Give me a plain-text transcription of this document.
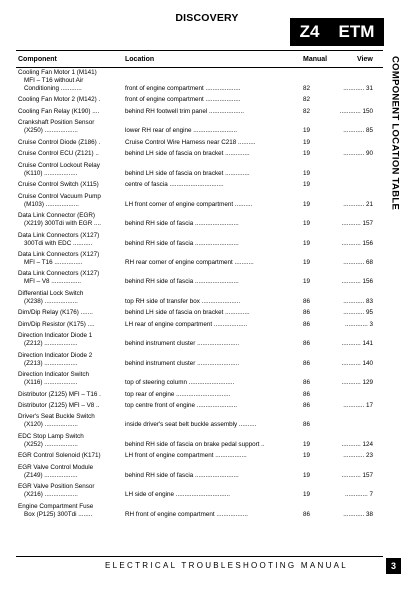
DISCOVERY
Z4 ETM
COMPONENT LOCATION TABLE
Component	Location	Manual	View
Cooling Fan Motor 1 (M141)
MFI – T16 without Air
Conditioning ............	front of engine compartment ....................	82	............ 31
Cooling Fan Motor 2 (M142) .	front of engine compartment ....................	82
Cooling Fan Relay (K190) ....	behind RH footwell trim panel ....................	82	............ 150
Crankshaft Position Sensor
(X250) ...................	lower RH rear of engine .........................	19	............ 85
Cruise Control Diode (Z186) .	Cruise Control Wire Harness near C218 ..........	19
Cruise Control ECU (Z121) ..	behind LH side of fascia on bracket ..............	19	............ 90
Cruise Control Lockout Relay
(K110) ...................	behind LH side of fascia on bracket ..............	19
Cruise Control Switch (X115)	centre of fascia ...............................	19
Cruise Control Vacuum Pump
(M103) ...................	LH front corner of engine compartment ..........	19	............ 21
Data Link Connector (EGR)
(X219) 300Tdi with EGR ....	behind RH side of fascia .........................	19	........... 157
Data Link Connectors (X127)
300Tdi with EDC ...........	behind RH side of fascia .........................	19	........... 156
Data Link Connectors (X127)
MFI – T16 ................	RH rear corner of engine compartment ...........	19	............ 68
Data Link Connectors (X127)
MFI – V8 .................	behind RH side of fascia .........................	19	........... 156
Differential Lock Switch
(X238) ...................	top RH side of transfer box ......................	86	............ 83
Dim/Dip Relay (K176) .......	behind LH side of fascia on bracket ..............	86	............ 95
Dim/Dip Resistor (K175) ....	LH rear of engine compartment ...................	86	............. 3
Direction Indicator Diode 1
(Z212) ...................	behind instrument cluster ........................	86	........... 141
Direction Indicator Diode 2
(Z213) ...................	behind instrument cluster ........................	86	........... 140
Direction Indicator Switch
(X116) ...................	top of steering column ..........................	86	........... 129
Distributor (Z125) MFI – T16 .	top rear of engine ...............................	86
Distributor (Z125) MFI – V8 ..	top centre front of engine .......................	86	............ 17
Driver's Seat Buckle Switch
(X120) ...................	inside driver's seat belt buckle assembly ..........	86
EDC Stop Lamp Switch
(X252) ...................	behind RH side of fascia on brake pedal support ..	19	........... 124
EGR Control Solenoid (K171)	LH front of engine compartment ..................	19	............ 23
EGR Valve Control Module
(Z149) ...................	behind RH side of fascia .........................	19	........... 157
EGR Valve Position Sensor
(X216) ...................	LH side of engine ...............................	19	............. 7
Engine Compartment Fuse
Box (P125) 300Tdi ........	RH front of engine compartment ..................	86	............ 38
ELECTRICAL TROUBLESHOOTING MANUAL	3
